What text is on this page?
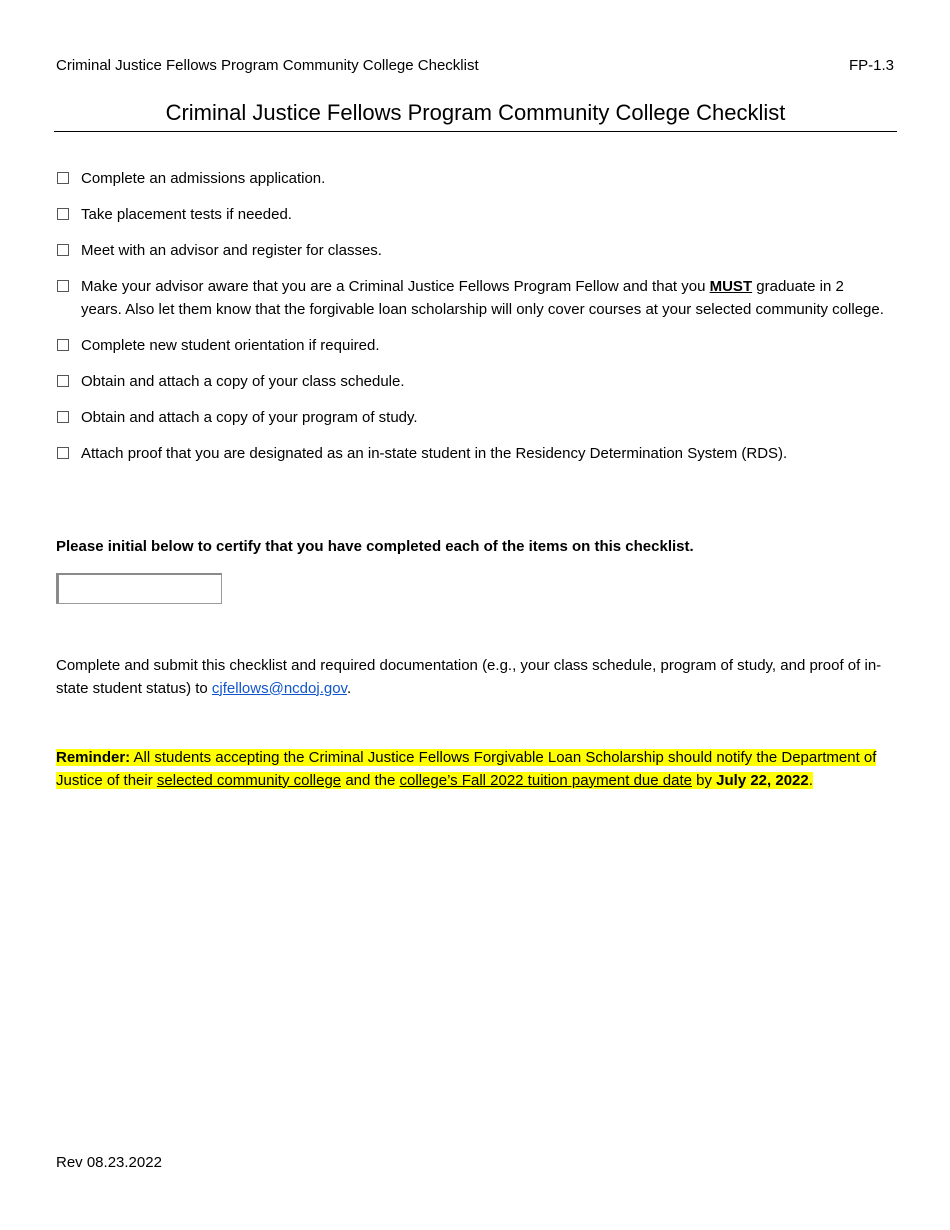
Criminal Justice Fellows Program Community College Checklist	FP-1.3
Criminal Justice Fellows Program Community College Checklist
Complete an admissions application.
Take placement tests if needed.
Meet with an advisor and register for classes.
Make your advisor aware that you are a Criminal Justice Fellows Program Fellow and that you MUST graduate in 2 years. Also let them know that the forgivable loan scholarship will only cover courses at your selected community college.
Complete new student orientation if required.
Obtain and attach a copy of your class schedule.
Obtain and attach a copy of your program of study.
Attach proof that you are designated as an in-state student in the Residency Determination System (RDS).
Please initial below to certify that you have completed each of the items on this checklist.
Complete and submit this checklist and required documentation (e.g., your class schedule, program of study, and proof of in-state student status) to cjfellows@ncdoj.gov.
Reminder: All students accepting the Criminal Justice Fellows Forgivable Loan Scholarship should notify the Department of Justice of their selected community college and the college’s Fall 2022 tuition payment due date by July 22, 2022.
Rev 08.23.2022
